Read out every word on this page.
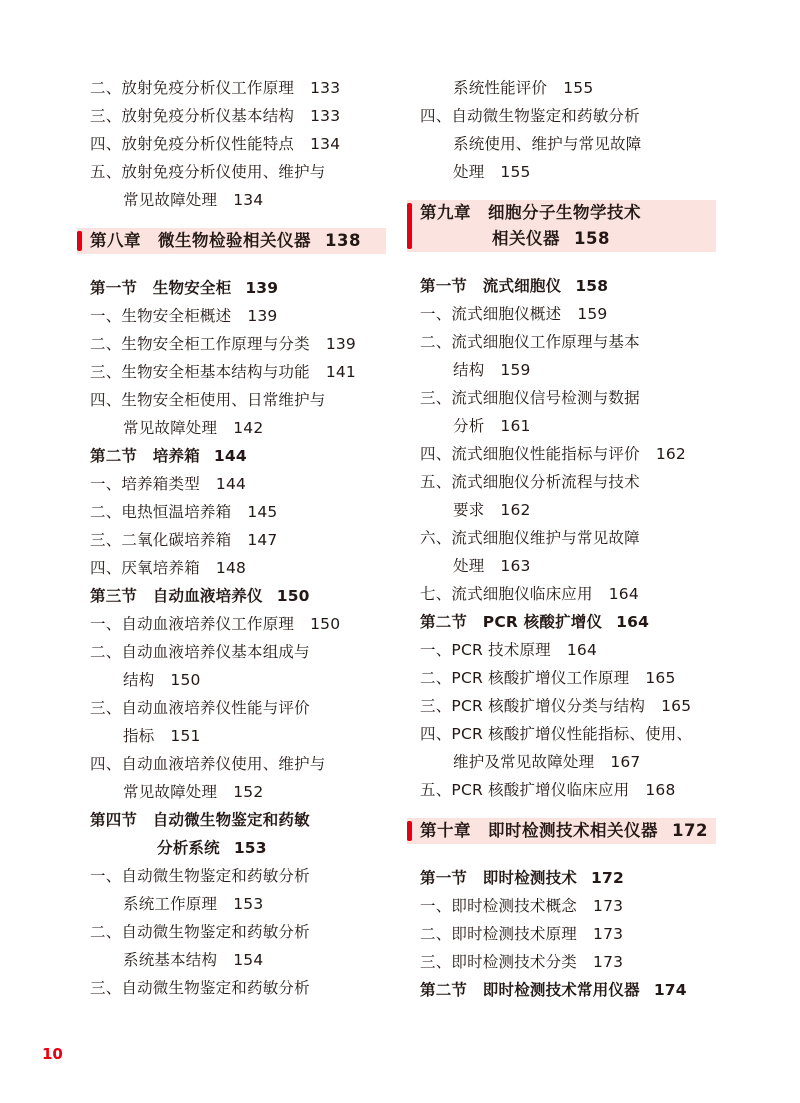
二、放射免疫分析仪工作原理 133
三、放射免疫分析仪基本结构 133
四、放射免疫分析仪性能特点 134
五、放射免疫分析仪使用、维护与
常见故障处理 134
第八章　微生物检验相关仪器 138
第一节　生物安全柜 139
一、生物安全柜概述 139
二、生物安全柜工作原理与分类 139
三、生物安全柜基本结构与功能 141
四、生物安全柜使用、日常维护与
常见故障处理 142
第二节　培养箱 144
一、培养箱类型 144
二、电热恒温培养箱 145
三、二氧化碳培养箱 147
四、厌氧培养箱 148
第三节　自动血液培养仪 150
一、自动血液培养仪工作原理 150
二、自动血液培养仪基本组成与
结构 150
三、自动血液培养仪性能与评价
指标 151
四、自动血液培养仪使用、维护与
常见故障处理 152
第四节　自动微生物鉴定和药敏
分析系统 153
一、自动微生物鉴定和药敏分析
系统工作原理 153
二、自动微生物鉴定和药敏分析
系统基本结构 154
三、自动微生物鉴定和药敏分析
系统性能评价 155
四、自动微生物鉴定和药敏分析
系统使用、维护与常见故障
处理 155
第九章　细胞分子生物学技术
相关仪器 158
第一节　流式细胞仪 158
一、流式细胞仪概述 159
二、流式细胞仪工作原理与基本
结构 159
三、流式细胞仪信号检测与数据
分析 161
四、流式细胞仪性能指标与评价 162
五、流式细胞仪分析流程与技术
要求 162
六、流式细胞仪维护与常见故障
处理 163
七、流式细胞仪临床应用 164
第二节　PCR 核酸扩增仪 164
一、PCR 技术原理 164
二、PCR 核酸扩增仪工作原理 165
三、PCR 核酸扩增仪分类与结构 165
四、PCR 核酸扩增仪性能指标、使用、
维护及常见故障处理 167
五、PCR 核酸扩增仪临床应用 168
第十章　即时检测技术相关仪器 172
第一节　即时检测技术 172
一、即时检测技术概念 173
二、即时检测技术原理 173
三、即时检测技术分类 173
第二节　即时检测技术常用仪器 174
10
